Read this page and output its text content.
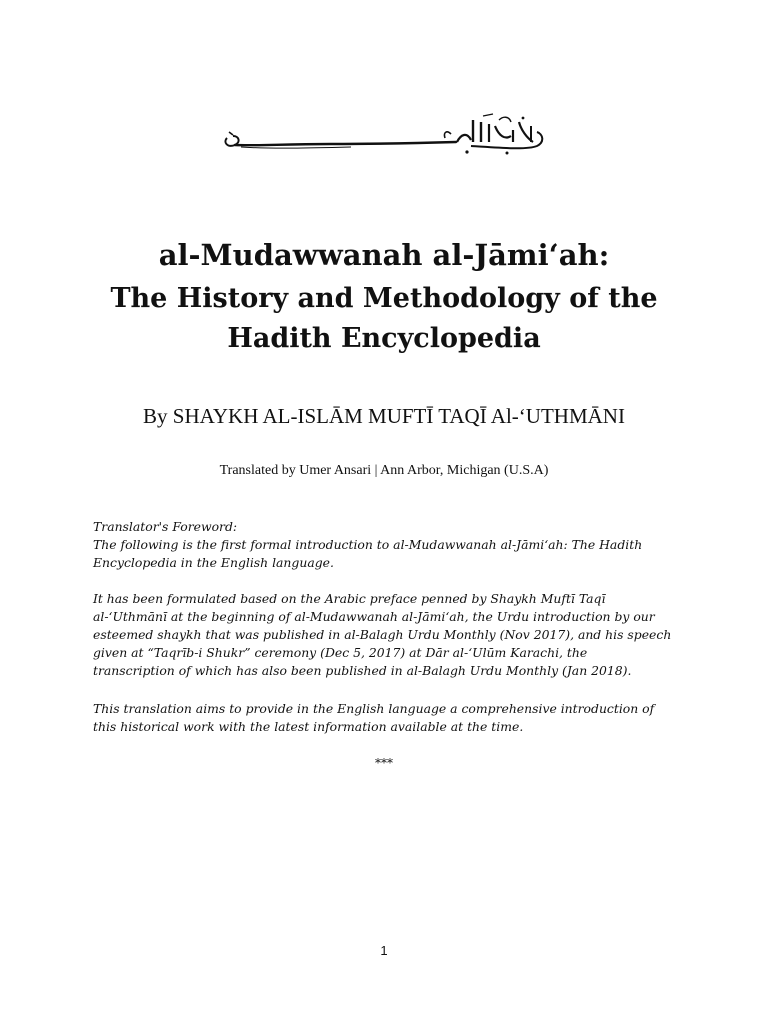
al-Mudawwanah al-Jāmi‘ah:
The History and Methodology of the
Hadith Encyclopedia
By SHAYKH AL-ISLĀM MUFTĪ TAQĪ Al-‘UTHMĀNI
Translated by Umer Ansari | Ann Arbor, Michigan (U.S.A)
Translator's Foreword:
The following is the first formal introduction to al-Mudawwanah al-Jāmi‘ah: The Hadith
Encyclopedia in the English language.
It has been formulated based on the Arabic preface penned by Shaykh Muftī Taqī
al-‘Uthmānī at the beginning of al-Mudawwanah al-Jāmi‘ah, the Urdu introduction by our
esteemed shaykh that was published in al-Balagh Urdu Monthly (Nov 2017), and his speech
given at “Taqrīb-i Shukr” ceremony (Dec 5, 2017) at Dār al-‘Ulūm Karachi, the
transcription of which has also been published in al-Balagh Urdu Monthly (Jan 2018).
This translation aims to provide in the English language a comprehensive introduction of
this historical work with the latest information available at the time.
***
1
